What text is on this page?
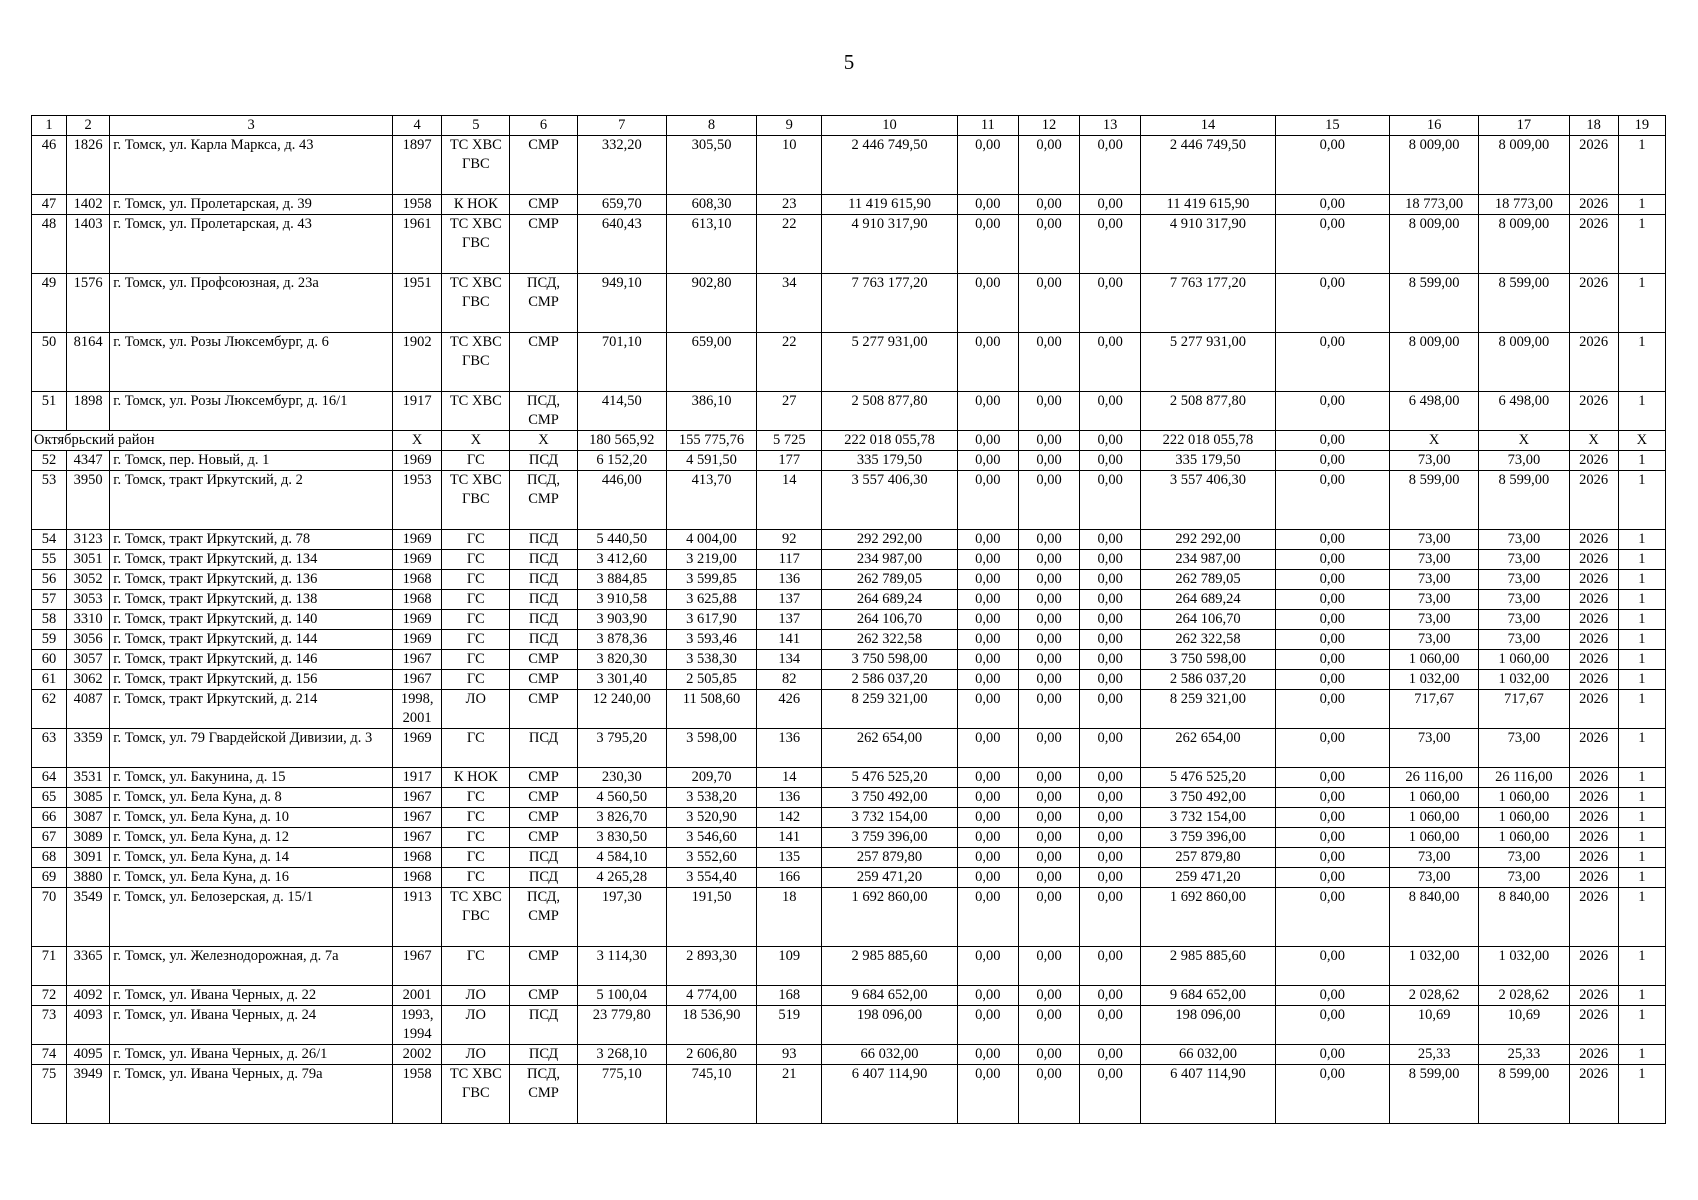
5
1	2	3	4	5	6	7	8	9	10	11	12	13	14	15	16	17	18	19
46	1826	г. Томск, ул. Карла Маркса, д. 43	1897	ТС ХВС ГВС	СМР	332,20	305,50	10	2 446 749,50	0,00	0,00	0,00	2 446 749,50	0,00	8 009,00	8 009,00	2026	1
47	1402	г. Томск, ул. Пролетарская, д. 39	1958	К НОК	СМР	659,70	608,30	23	11 419 615,90	0,00	0,00	0,00	11 419 615,90	0,00	18 773,00	18 773,00	2026	1
48	1403	г. Томск, ул. Пролетарская, д. 43	1961	ТС ХВС ГВС	СМР	640,43	613,10	22	4 910 317,90	0,00	0,00	0,00	4 910 317,90	0,00	8 009,00	8 009,00	2026	1
49	1576	г. Томск, ул. Профсоюзная, д. 23а	1951	ТС ХВС ГВС	ПСД, СМР	949,10	902,80	34	7 763 177,20	0,00	0,00	0,00	7 763 177,20	0,00	8 599,00	8 599,00	2026	1
50	8164	г. Томск, ул. Розы Люксембург, д. 6	1902	ТС ХВС ГВС	СМР	701,10	659,00	22	5 277 931,00	0,00	0,00	0,00	5 277 931,00	0,00	8 009,00	8 009,00	2026	1
51	1898	г. Томск, ул. Розы Люксембург, д. 16/1	1917	ТС ХВС	ПСД, СМР	414,50	386,10	27	2 508 877,80	0,00	0,00	0,00	2 508 877,80	0,00	6 498,00	6 498,00	2026	1
Октябрьский район			Х	Х	Х	180 565,92	155 775,76	5 725	222 018 055,78	0,00	0,00	0,00	222 018 055,78	0,00	Х	Х	Х	Х
52	4347	г. Томск, пер. Новый, д. 1	1969	ГС	ПСД	6 152,20	4 591,50	177	335 179,50	0,00	0,00	0,00	335 179,50	0,00	73,00	73,00	2026	1
53	3950	г. Томск, тракт Иркутский, д. 2	1953	ТС ХВС ГВС	ПСД, СМР	446,00	413,70	14	3 557 406,30	0,00	0,00	0,00	3 557 406,30	0,00	8 599,00	8 599,00	2026	1
54	3123	г. Томск, тракт Иркутский, д. 78	1969	ГС	ПСД	5 440,50	4 004,00	92	292 292,00	0,00	0,00	0,00	292 292,00	0,00	73,00	73,00	2026	1
55	3051	г. Томск, тракт Иркутский, д. 134	1969	ГС	ПСД	3 412,60	3 219,00	117	234 987,00	0,00	0,00	0,00	234 987,00	0,00	73,00	73,00	2026	1
56	3052	г. Томск, тракт Иркутский, д. 136	1968	ГС	ПСД	3 884,85	3 599,85	136	262 789,05	0,00	0,00	0,00	262 789,05	0,00	73,00	73,00	2026	1
57	3053	г. Томск, тракт Иркутский, д. 138	1968	ГС	ПСД	3 910,58	3 625,88	137	264 689,24	0,00	0,00	0,00	264 689,24	0,00	73,00	73,00	2026	1
58	3310	г. Томск, тракт Иркутский, д. 140	1969	ГС	ПСД	3 903,90	3 617,90	137	264 106,70	0,00	0,00	0,00	264 106,70	0,00	73,00	73,00	2026	1
59	3056	г. Томск, тракт Иркутский, д. 144	1969	ГС	ПСД	3 878,36	3 593,46	141	262 322,58	0,00	0,00	0,00	262 322,58	0,00	73,00	73,00	2026	1
60	3057	г. Томск, тракт Иркутский, д. 146	1967	ГС	СМР	3 820,30	3 538,30	134	3 750 598,00	0,00	0,00	0,00	3 750 598,00	0,00	1 060,00	1 060,00	2026	1
61	3062	г. Томск, тракт Иркутский, д. 156	1967	ГС	СМР	3 301,40	2 505,85	82	2 586 037,20	0,00	0,00	0,00	2 586 037,20	0,00	1 032,00	1 032,00	2026	1
62	4087	г. Томск, тракт Иркутский, д. 214	1998, 2001	ЛО	СМР	12 240,00	11 508,60	426	8 259 321,00	0,00	0,00	0,00	8 259 321,00	0,00	717,67	717,67	2026	1
63	3359	г. Томск, ул. 79 Гвардейской Дивизии, д. 3	1969	ГС	ПСД	3 795,20	3 598,00	136	262 654,00	0,00	0,00	0,00	262 654,00	0,00	73,00	73,00	2026	1
64	3531	г. Томск, ул. Бакунина, д. 15	1917	К НОК	СМР	230,30	209,70	14	5 476 525,20	0,00	0,00	0,00	5 476 525,20	0,00	26 116,00	26 116,00	2026	1
65	3085	г. Томск, ул. Бела Куна, д. 8	1967	ГС	СМР	4 560,50	3 538,20	136	3 750 492,00	0,00	0,00	0,00	3 750 492,00	0,00	1 060,00	1 060,00	2026	1
66	3087	г. Томск, ул. Бела Куна, д. 10	1967	ГС	СМР	3 826,70	3 520,90	142	3 732 154,00	0,00	0,00	0,00	3 732 154,00	0,00	1 060,00	1 060,00	2026	1
67	3089	г. Томск, ул. Бела Куна, д. 12	1967	ГС	СМР	3 830,50	3 546,60	141	3 759 396,00	0,00	0,00	0,00	3 759 396,00	0,00	1 060,00	1 060,00	2026	1
68	3091	г. Томск, ул. Бела Куна, д. 14	1968	ГС	ПСД	4 584,10	3 552,60	135	257 879,80	0,00	0,00	0,00	257 879,80	0,00	73,00	73,00	2026	1
69	3880	г. Томск, ул. Бела Куна, д. 16	1968	ГС	ПСД	4 265,28	3 554,40	166	259 471,20	0,00	0,00	0,00	259 471,20	0,00	73,00	73,00	2026	1
70	3549	г. Томск, ул. Белозерская, д. 15/1	1913	ТС ХВС ГВС	ПСД, СМР	197,30	191,50	18	1 692 860,00	0,00	0,00	0,00	1 692 860,00	0,00	8 840,00	8 840,00	2026	1
71	3365	г. Томск, ул. Железнодорожная, д. 7а	1967	ГС	СМР	3 114,30	2 893,30	109	2 985 885,60	0,00	0,00	0,00	2 985 885,60	0,00	1 032,00	1 032,00	2026	1
72	4092	г. Томск, ул. Ивана Черных, д. 22	2001	ЛО	СМР	5 100,04	4 774,00	168	9 684 652,00	0,00	0,00	0,00	9 684 652,00	0,00	2 028,62	2 028,62	2026	1
73	4093	г. Томск, ул. Ивана Черных, д. 24	1993, 1994	ЛО	ПСД	23 779,80	18 536,90	519	198 096,00	0,00	0,00	0,00	198 096,00	0,00	10,69	10,69	2026	1
74	4095	г. Томск, ул. Ивана Черных, д. 26/1	2002	ЛО	ПСД	3 268,10	2 606,80	93	66 032,00	0,00	0,00	0,00	66 032,00	0,00	25,33	25,33	2026	1
75	3949	г. Томск, ул. Ивана Черных, д. 79а	1958	ТС ХВС ГВС	ПСД, СМР	775,10	745,10	21	6 407 114,90	0,00	0,00	0,00	6 407 114,90	0,00	8 599,00	8 599,00	2026	1
